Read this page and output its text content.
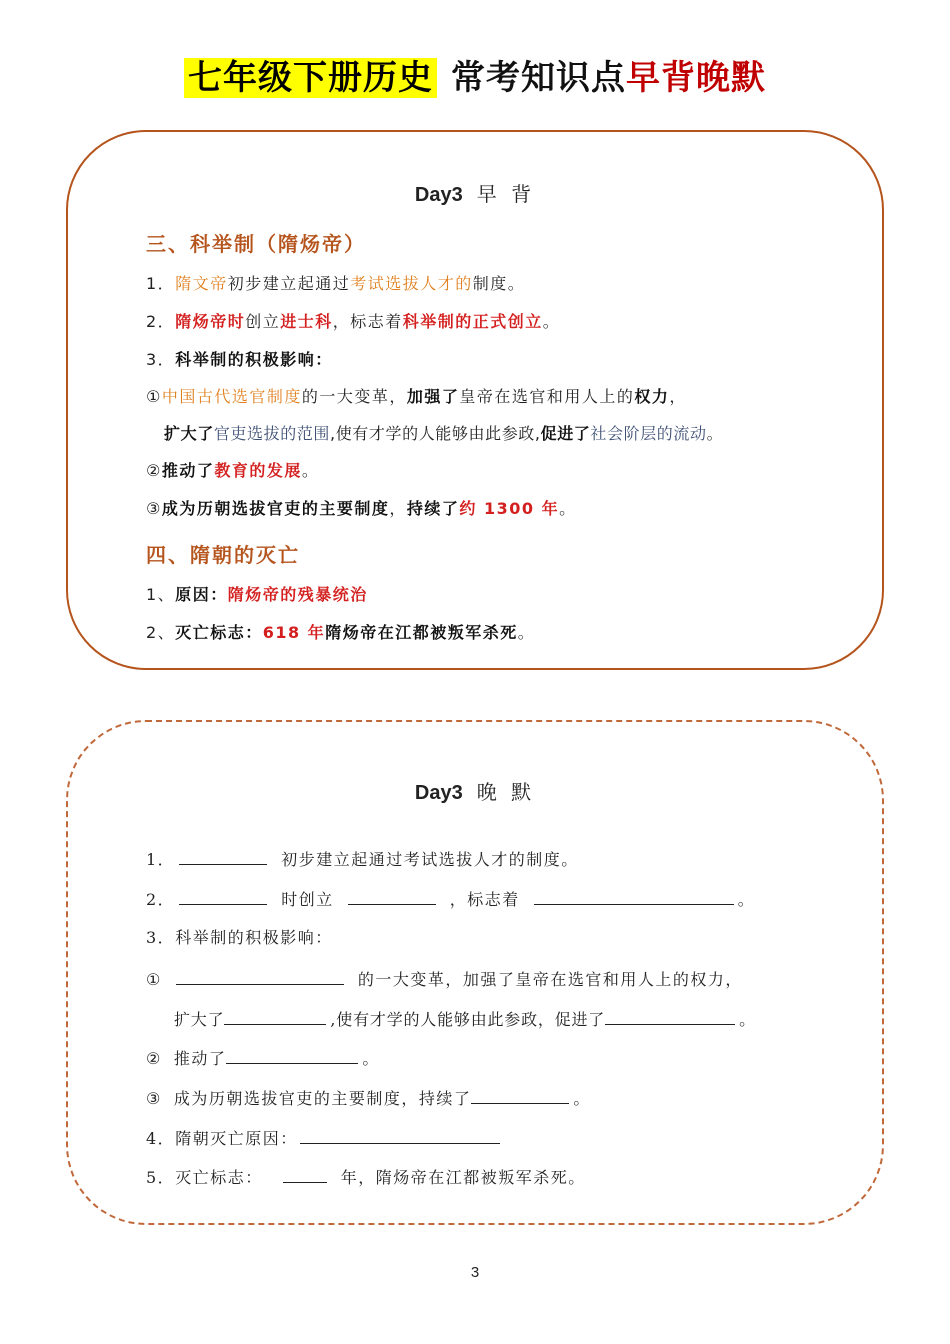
七年级下册历史 常考知识点早背晚默
Day3 早 背
三、科举制（隋炀帝）
1．隋文帝初步建立起通过考试选拔人才的制度。
2．隋炀帝时创立进士科，标志着科举制的正式创立。
3．科举制的积极影响：
①中国古代选官制度的一大变革，加强了皇帝在选官和用人上的权力，
扩大了官吏选拔的范围,使有才学的人能够由此参政,促进了社会阶层的流动。
②推动了教育的发展。
③成为历朝选拔官吏的主要制度，持续了约 1300 年。
四、隋朝的灭亡
1、原因：隋炀帝的残暴统治
2、灭亡标志：618 年隋炀帝在江都被叛军杀死。
Day3 晚 默
1．	初步建立起通过考试选拔人才的制度。
2．	时创立	，标志着	。
3．科举制的积极影响：
①	的一大变革，加强了皇帝在选官和用人上的权力，
扩大了	,使有才学的人能够由此参政，促进了	。
② 推动了	。
③ 成为历朝选拔官吏的主要制度，持续了	。
4．隋朝灭亡原因：
5．灭亡标志：	年，隋炀帝在江都被叛军杀死。
3
